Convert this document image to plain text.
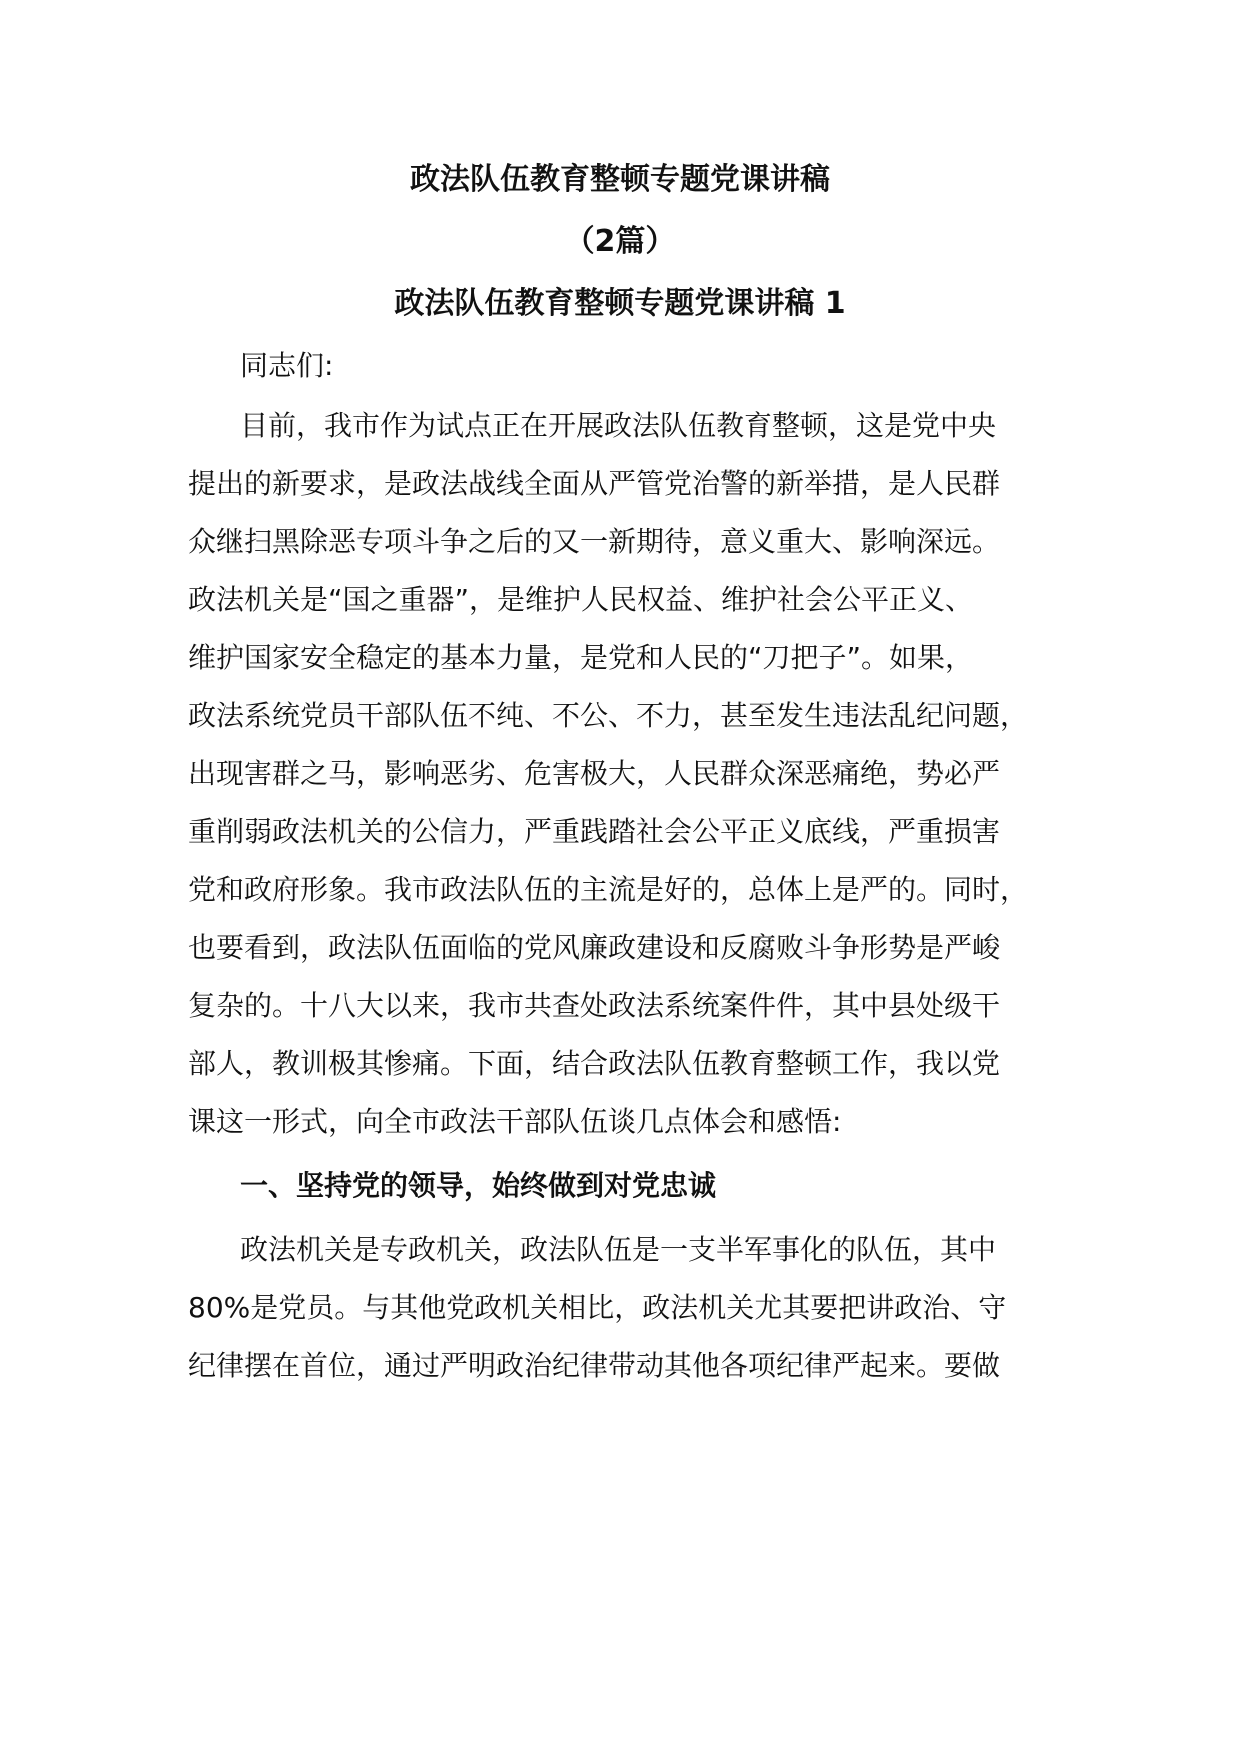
政法队伍教育整顿专题党课讲稿
（2篇）
政法队伍教育整顿专题党课讲稿 1

同志们:

目前，我市作为试点正在开展政法队伍教育整顿，这是党中央

提出的新要求，是政法战线全面从严管党治警的新举措，是人民群

众继扫黑除恶专项斗争之后的又一新期待，意义重大、影响深远。

政法机关是“国之重器”，是维护人民权益、维护社会公平正义、

维护国家安全稳定的基本力量，是党和人民的“刀把子”。如果，

政法系统党员干部队伍不纯、不公、不力，甚至发生违法乱纪问题，

出现害群之马，影响恶劣、危害极大，人民群众深恶痛绝，势必严

重削弱政法机关的公信力，严重践踏社会公平正义底线，严重损害

党和政府形象。我市政法队伍的主流是好的，总体上是严的。同时，

也要看到，政法队伍面临的党风廉政建设和反腐败斗争形势是严峻

复杂的。十八大以来，我市共查处政法系统案件件，其中县处级干

部人，教训极其惨痛。下面，结合政法队伍教育整顿工作，我以党

课这一形式，向全市政法干部队伍谈几点体会和感悟:

一、坚持党的领导，始终做到对党忠诚

政法机关是专政机关，政法队伍是一支半军事化的队伍，其中

80%是党员。与其他党政机关相比，政法机关尤其要把讲政治、守

纪律摆在首位，通过严明政治纪律带动其他各项纪律严起来。要做
